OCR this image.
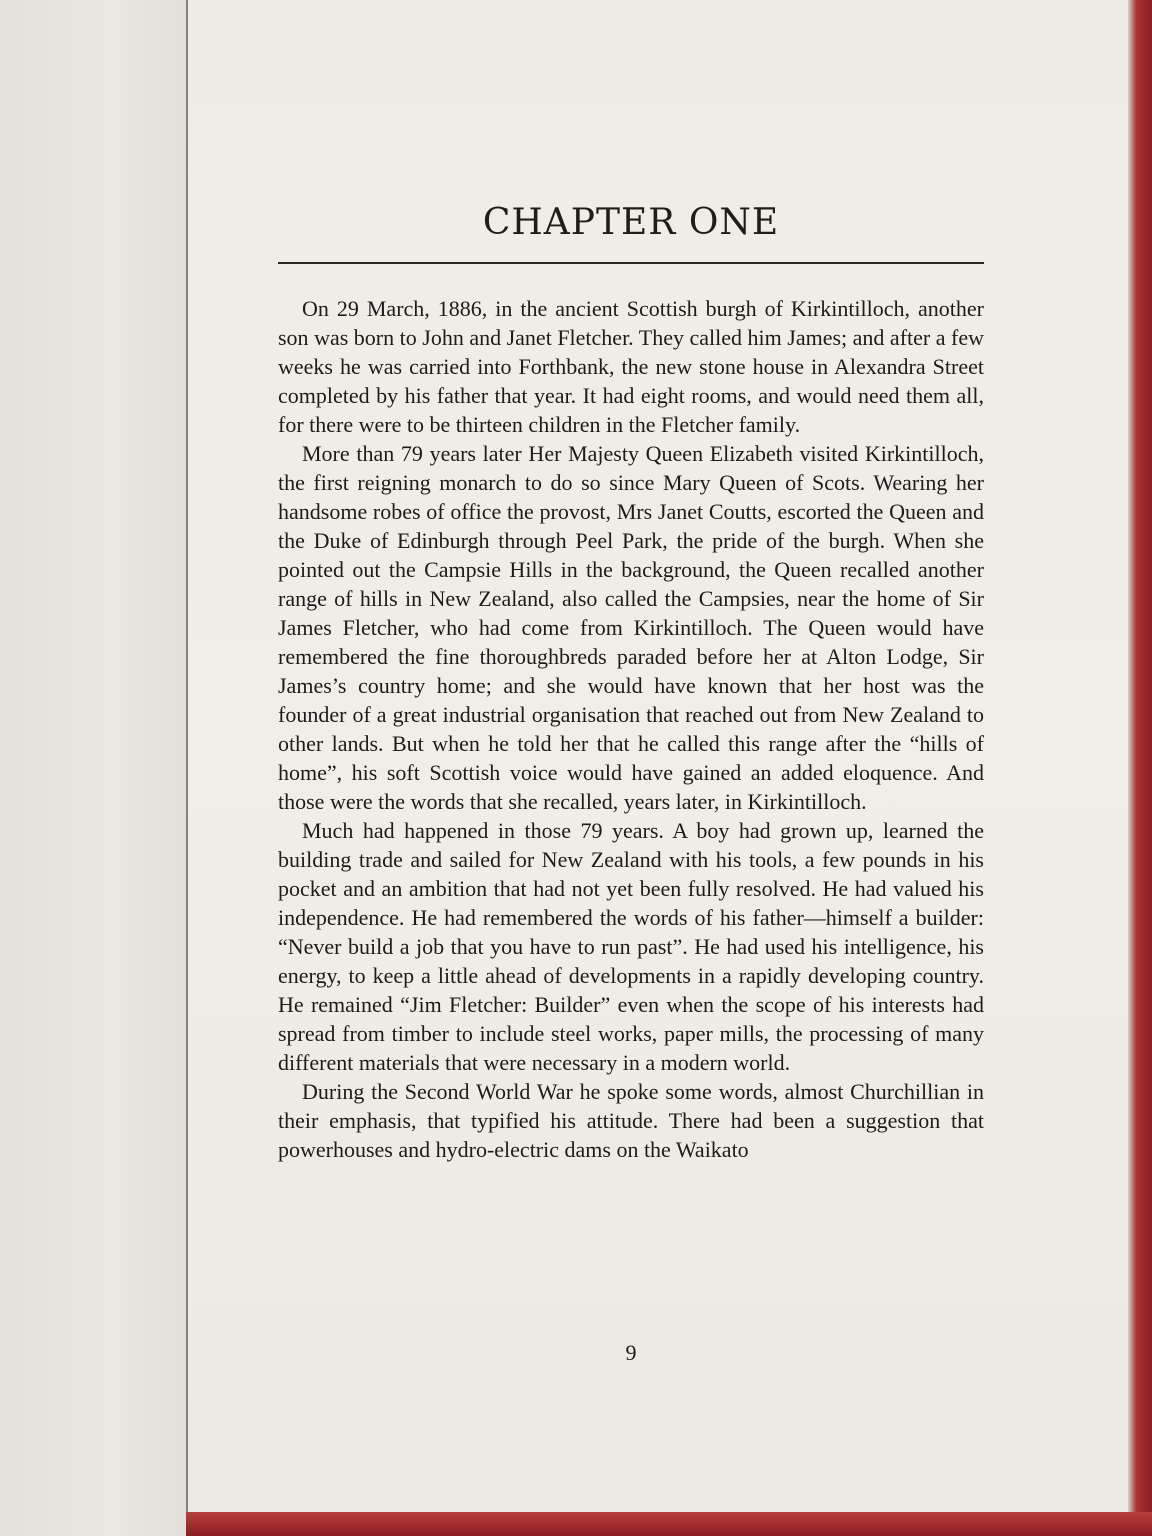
CHAPTER ONE

On 29 March, 1886, in the ancient Scottish burgh of Kirkintilloch, another son was born to John and Janet Fletcher. They called him James; and after a few weeks he was carried into Forthbank, the new stone house in Alexandra Street completed by his father that year. It had eight rooms, and would need them all, for there were to be thirteen children in the Fletcher family.

More than 79 years later Her Majesty Queen Elizabeth visited Kirkintilloch, the first reigning monarch to do so since Mary Queen of Scots. Wearing her handsome robes of office the provost, Mrs Janet Coutts, escorted the Queen and the Duke of Edinburgh through Peel Park, the pride of the burgh. When she pointed out the Campsie Hills in the background, the Queen recalled another range of hills in New Zealand, also called the Campsies, near the home of Sir James Fletcher, who had come from Kirkintilloch. The Queen would have remembered the fine thoroughbreds paraded before her at Alton Lodge, Sir James’s country home; and she would have known that her host was the founder of a great industrial organisation that reached out from New Zealand to other lands. But when he told her that he called this range after the “hills of home”, his soft Scottish voice would have gained an added eloquence. And those were the words that she recalled, years later, in Kirkintilloch.

Much had happened in those 79 years. A boy had grown up, learned the building trade and sailed for New Zealand with his tools, a few pounds in his pocket and an ambition that had not yet been fully resolved. He had valued his independence. He had remembered the words of his father—himself a builder: “Never build a job that you have to run past”. He had used his intelligence, his energy, to keep a little ahead of developments in a rapidly developing country. He remained “Jim Fletcher: Builder” even when the scope of his interests had spread from timber to include steel works, paper mills, the processing of many different materials that were necessary in a modern world.

During the Second World War he spoke some words, almost Churchillian in their emphasis, that typified his attitude. There had been a suggestion that powerhouses and hydro-electric dams on the Waikato

9
